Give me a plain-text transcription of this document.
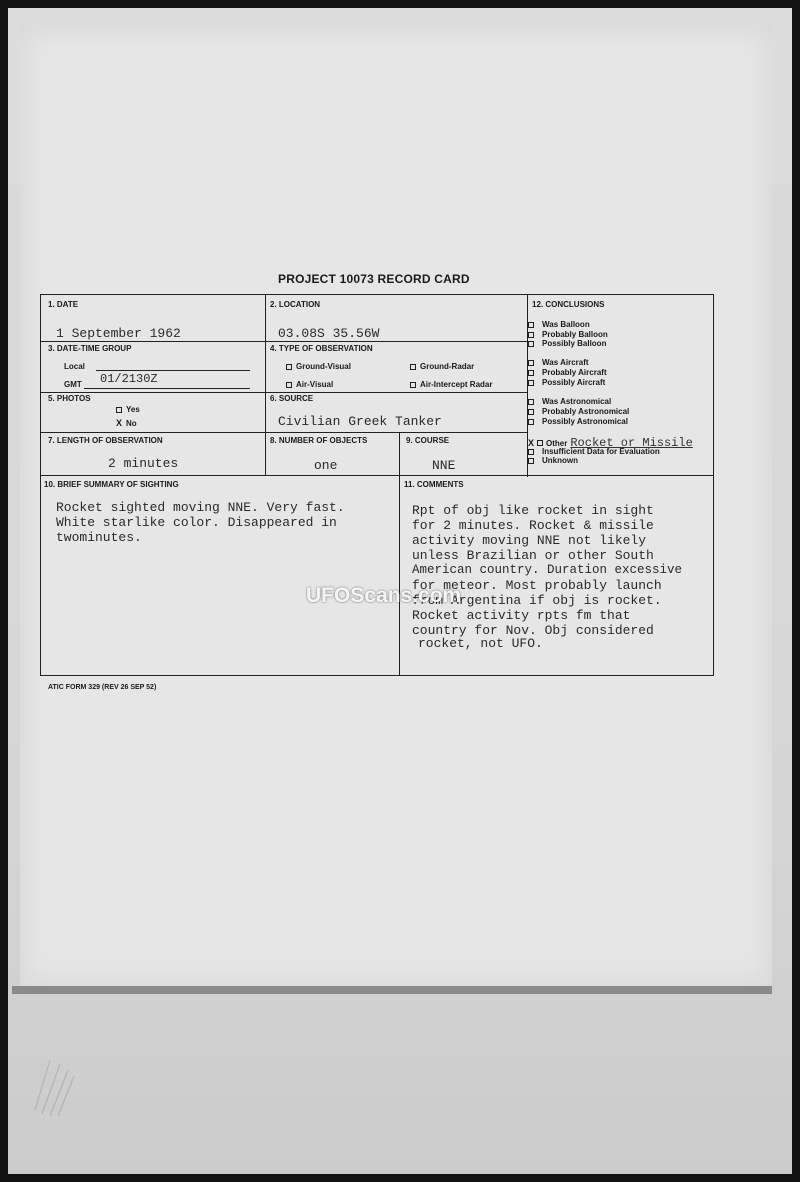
PROJECT 10073 RECORD CARD
1. DATE
1 September 1962
2. LOCATION
03.08S 35.56W
3. DATE-TIME GROUP
Local
GMT 01/2130Z
4. TYPE OF OBSERVATION
Ground-Visual	Ground-Radar
Air-Visual	Air-Intercept Radar
5. PHOTOS
Yes
X No
6. SOURCE
Civilian Greek Tanker
7. LENGTH OF OBSERVATION
2 minutes
8. NUMBER OF OBJECTS
one
9. COURSE
NNE
10. BRIEF SUMMARY OF SIGHTING
Rocket sighted moving NNE. Very fast.
White starlike color. Disappeared in
twominutes.
11. COMMENTS
Rpt of obj like rocket in sight
for 2 minutes. Rocket & missile
activity moving NNE not likely
unless Brazilian or other South
American country. Duration excessive
for meteor. Most probably launch
from Argentina if obj is rocket.
Rocket activity rpts fm that
country for Nov. Obj considered
rocket, not UFO.
12. CONCLUSIONS
Was Balloon
Probably Balloon
Possibly Balloon
Was Aircraft
Probably Aircraft
Possibly Aircraft
Was Astronomical
Probably Astronomical
Possibly Astronomical
X Other Rocket or Missile
Insufficient Data for Evaluation
Unknown
UFOScans.com
ATIC FORM 329 (REV 26 SEP 52)
